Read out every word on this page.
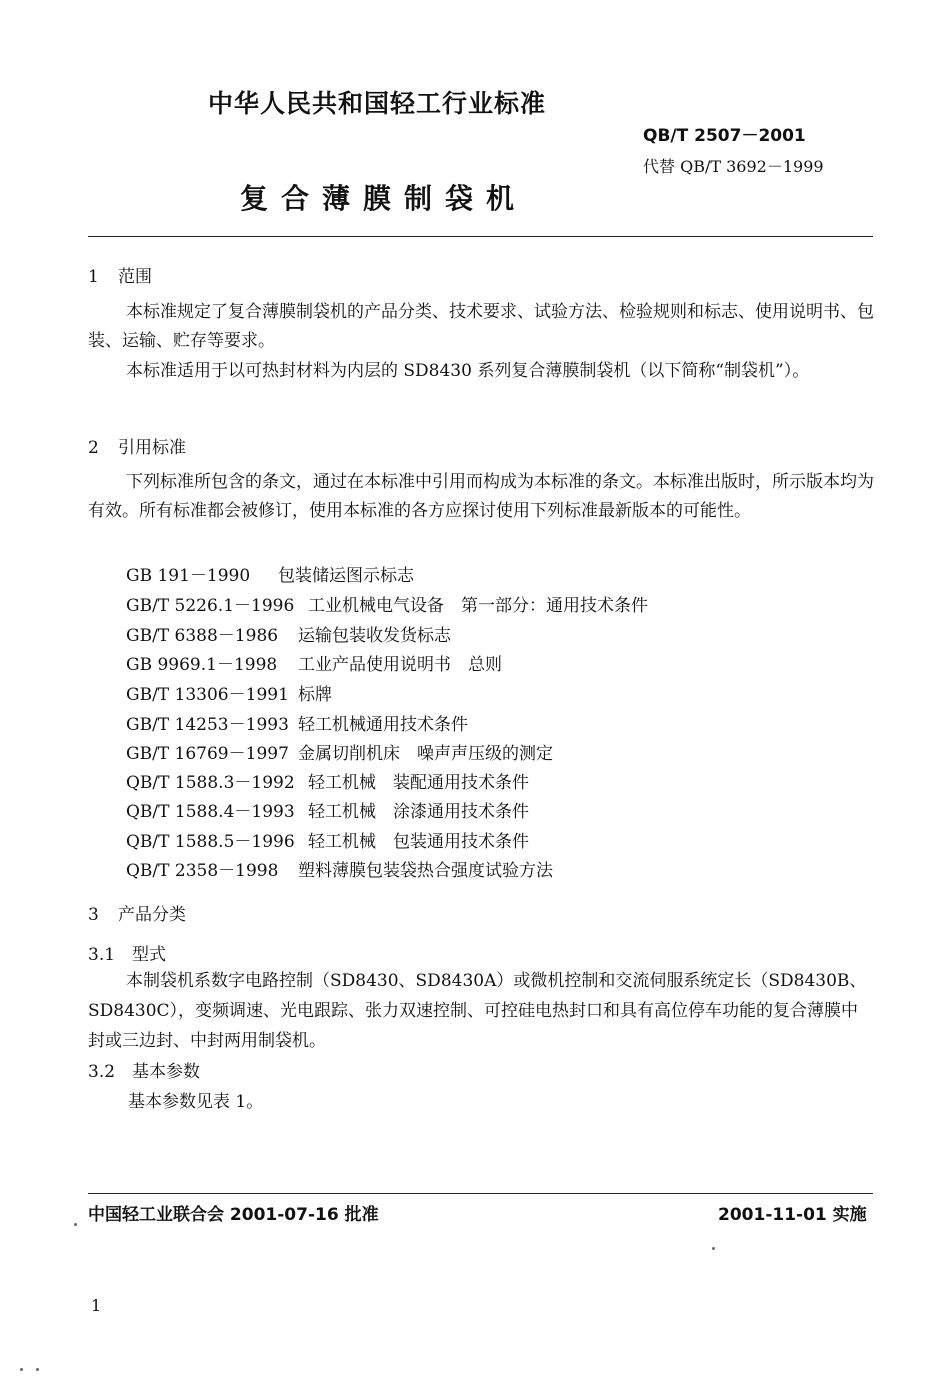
中华人民共和国轻工行业标准
QB/T 2507－2001
代替 QB/T 3692－1999
复合薄膜制袋机
1 范围
本标准规定了复合薄膜制袋机的产品分类、技术要求、试验方法、检验规则和标志、使用说明书、包装、运输、贮存等要求。
本标准适用于以可热封材料为内层的 SD8430 系列复合薄膜制袋机（以下简称“制袋机”）。
2 引用标准
下列标准所包含的条文，通过在本标准中引用而构成为本标准的条文。本标准出版时，所示版本均为有效。所有标准都会被修订，使用本标准的各方应探讨使用下列标准最新版本的可能性。
GB 191－1990 包装储运图示标志
GB/T 5226.1－1996 工业机械电气设备　第一部分：通用技术条件
GB/T 6388－1986 运输包装收发货标志
GB 9969.1－1998 工业产品使用说明书　总则
GB/T 13306－1991 标牌
GB/T 14253－1993 轻工机械通用技术条件
GB/T 16769－1997 金属切削机床　噪声声压级的测定
QB/T 1588.3－1992 轻工机械　装配通用技术条件
QB/T 1588.4－1993 轻工机械　涂漆通用技术条件
QB/T 1588.5－1996 轻工机械　包装通用技术条件
QB/T 2358－1998 塑料薄膜包装袋热合强度试验方法
3 产品分类
3.1 型式
本制袋机系数字电路控制（SD8430、SD8430A）或微机控制和交流伺服系统定长（SD8430B、SD8430C），变频调速、光电跟踪、张力双速控制、可控硅电热封口和具有高位停车功能的复合薄膜中封或三边封、中封两用制袋机。
3.2 基本参数
基本参数见表 1。
中国轻工业联合会 2001-07-16 批准	2001-11-01 实施
1
